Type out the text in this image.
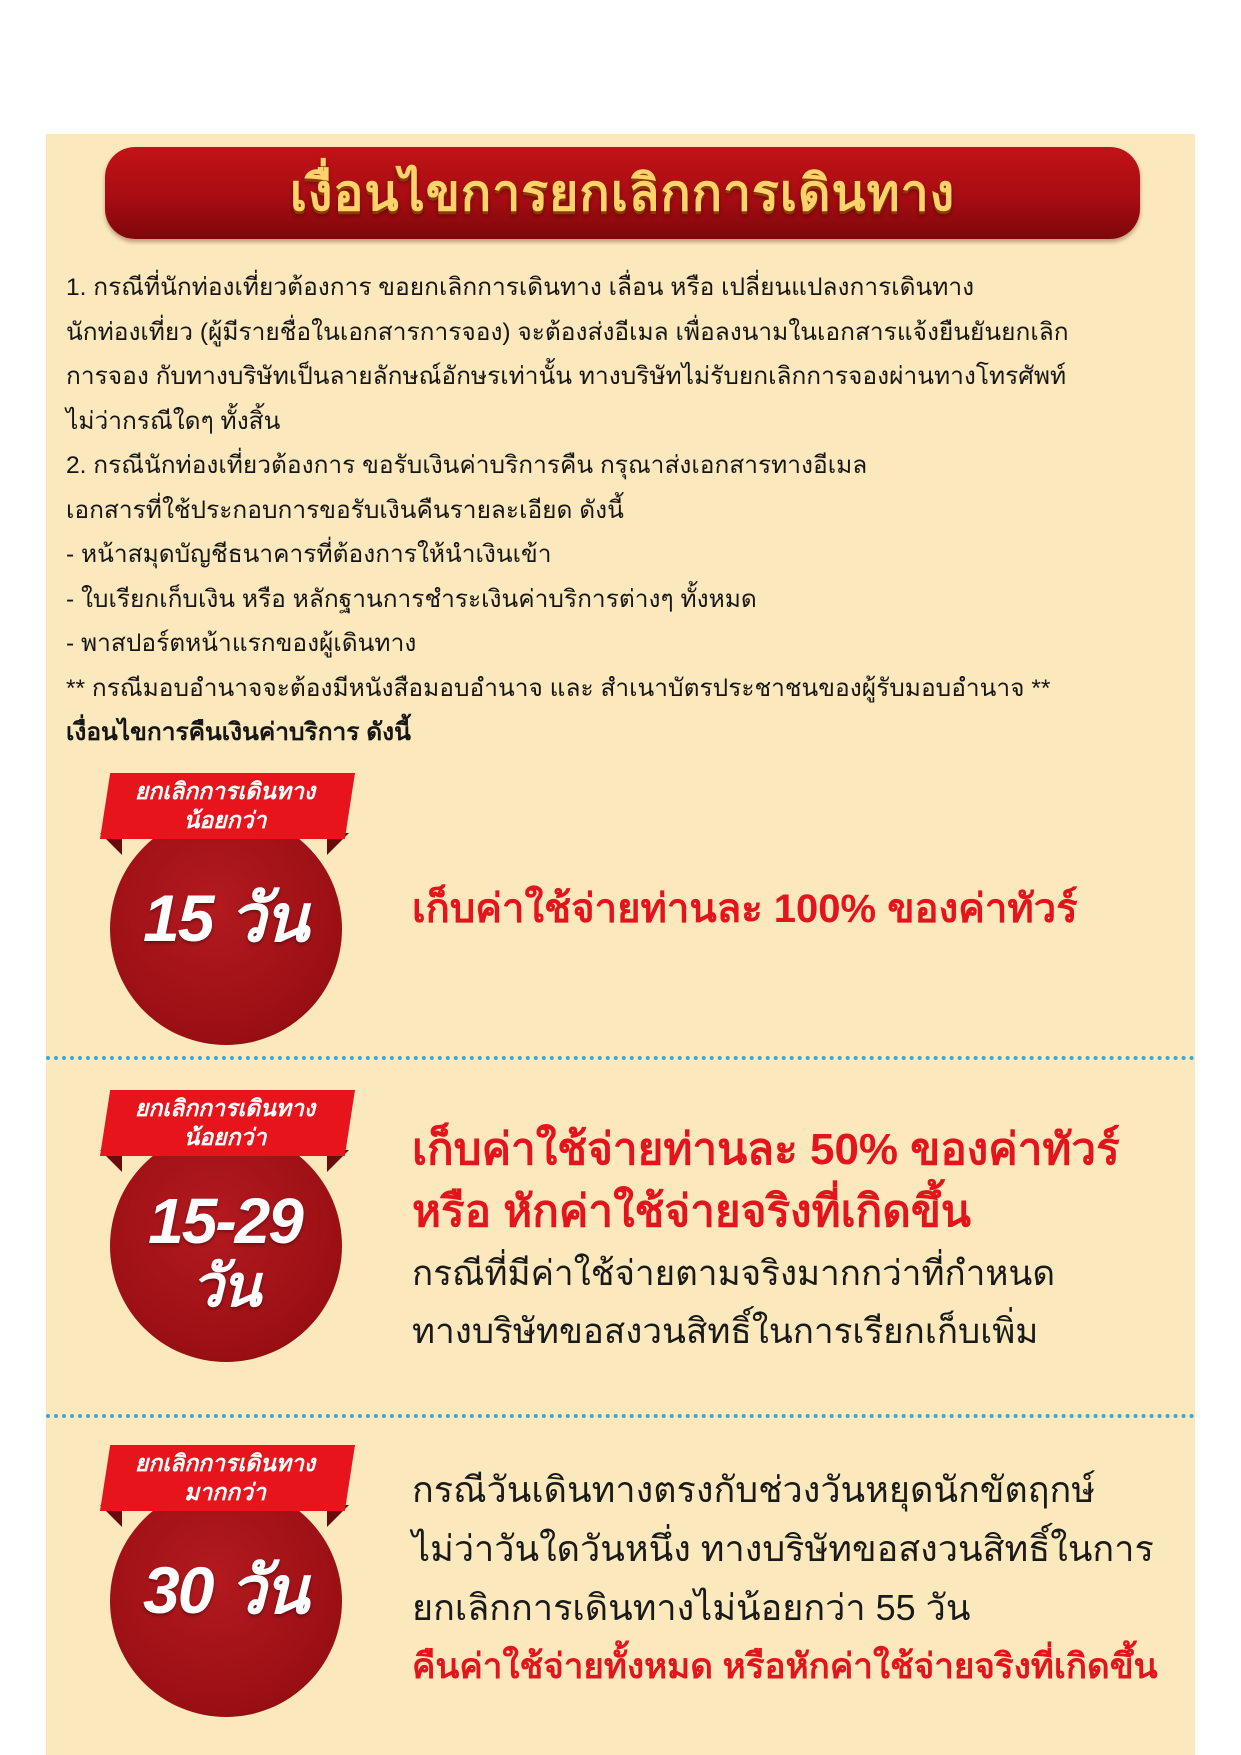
เงื่อนไขการยกเลิกการเดินทาง
1. กรณีที่นักท่องเที่ยวต้องการ ขอยกเลิกการเดินทาง เลื่อน หรือ เปลี่ยนแปลงการเดินทาง
นักท่องเที่ยว (ผู้มีรายชื่อในเอกสารการจอง) จะต้องส่งอีเมล เพื่อลงนามในเอกสารแจ้งยืนยันยกเลิก
การจอง กับทางบริษัทเป็นลายลักษณ์อักษรเท่านั้น ทางบริษัทไม่รับยกเลิกการจองผ่านทางโทรศัพท์
ไม่ว่ากรณีใดๆ ทั้งสิ้น
2. กรณีนักท่องเที่ยวต้องการ ขอรับเงินค่าบริการคืน กรุณาส่งเอกสารทางอีเมล
เอกสารที่ใช้ประกอบการขอรับเงินคืนรายละเอียด ดังนี้
- หน้าสมุดบัญชีธนาคารที่ต้องการให้นำเงินเข้า
- ใบเรียกเก็บเงิน หรือ หลักฐานการชำระเงินค่าบริการต่างๆ ทั้งหมด
- พาสปอร์ตหน้าแรกของผู้เดินทาง
** กรณีมอบอำนาจจะต้องมีหนังสือมอบอำนาจ และ สำเนาบัตรประชาชนของผู้รับมอบอำนาจ **
เงื่อนไขการคืนเงินค่าบริการ ดังนี้
ยกเลิกการเดินทาง
น้อยกว่า
15 วัน	เก็บค่าใช้จ่ายท่านละ 100% ของค่าทัวร์
ยกเลิกการเดินทาง
น้อยกว่า
15-29
วัน
เก็บค่าใช้จ่ายท่านละ 50% ของค่าทัวร์
หรือ หักค่าใช้จ่ายจริงที่เกิดขึ้น
กรณีที่มีค่าใช้จ่ายตามจริงมากกว่าที่กำหนด
ทางบริษัทขอสงวนสิทธิ์ในการเรียกเก็บเพิ่ม
ยกเลิกการเดินทาง
มากกว่า
30 วัน
กรณีวันเดินทางตรงกับช่วงวันหยุดนักขัตฤกษ์
ไม่ว่าวันใดวันหนึ่ง ทางบริษัทขอสงวนสิทธิ์ในการ
ยกเลิกการเดินทางไม่น้อยกว่า 55 วัน
คืนค่าใช้จ่ายทั้งหมด หรือหักค่าใช้จ่ายจริงที่เกิดขึ้น
